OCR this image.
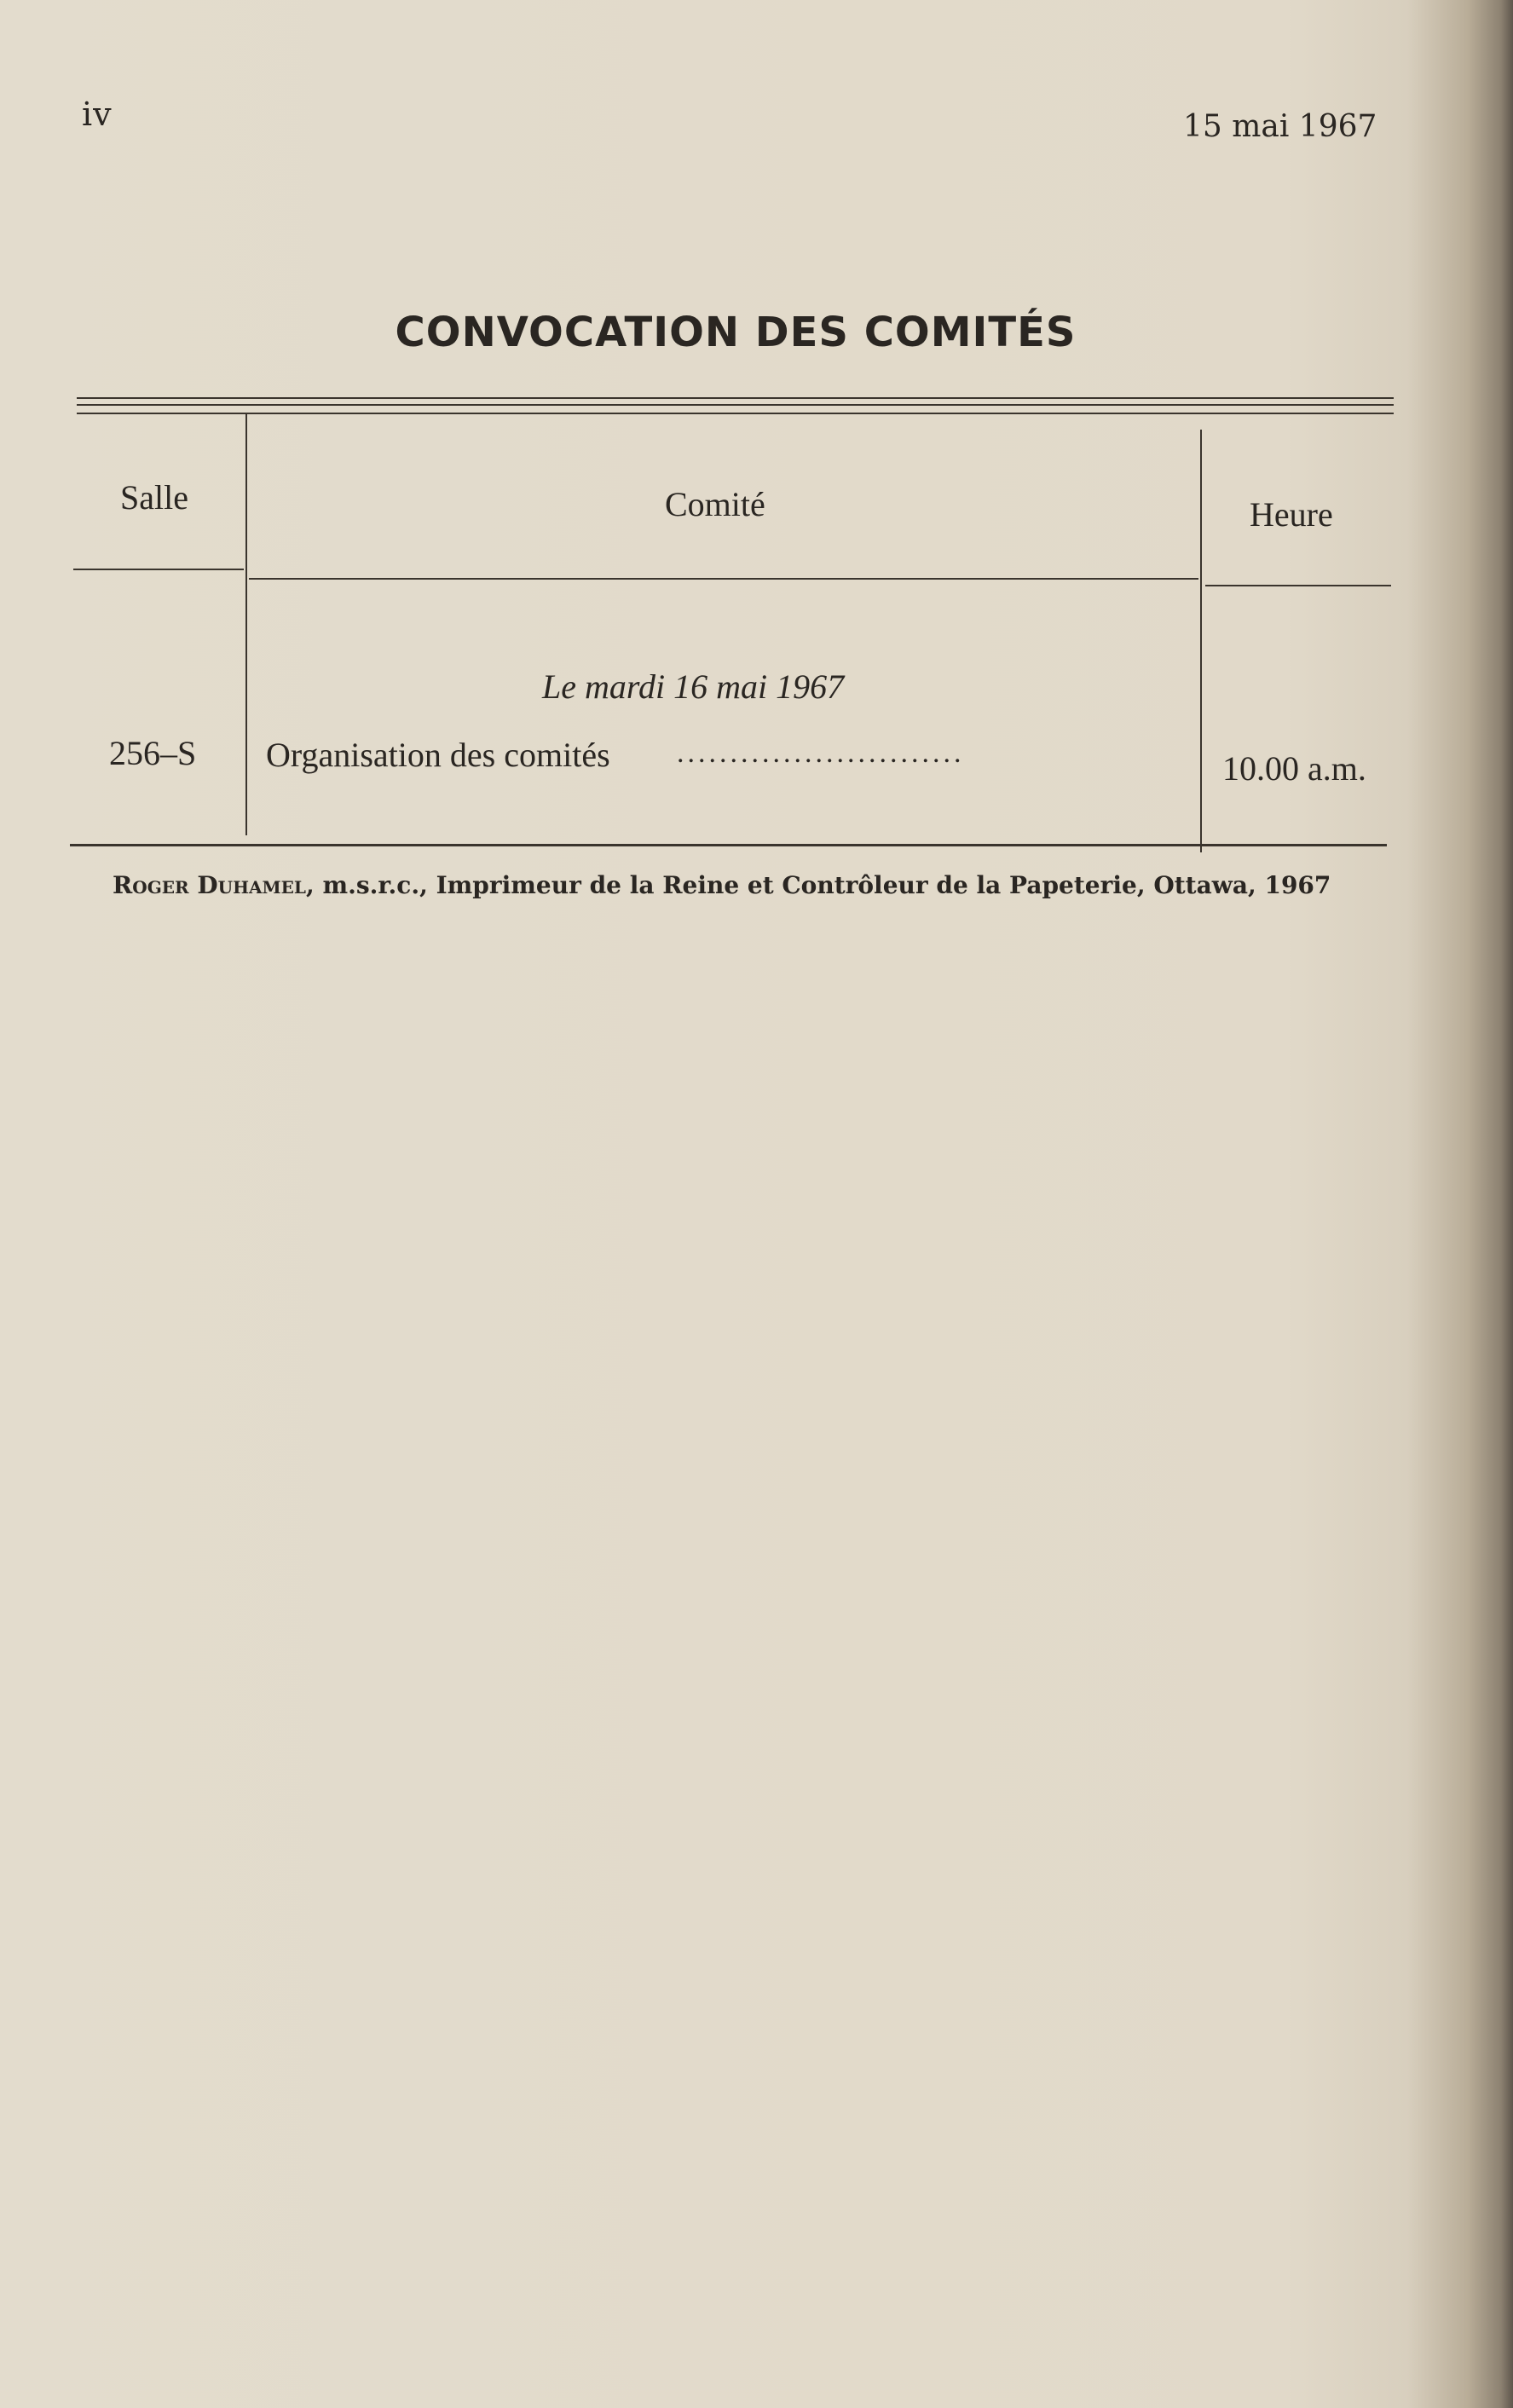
iv	15 mai 1967
CONVOCATION DES COMITÉS
Salle	Comité	Heure
Le mardi 16 mai 1967
256–S Organisation des comités ...........................	10.00 a.m.
Roger Duhamel, m.s.r.c., Imprimeur de la Reine et Contrôleur de la Papeterie, Ottawa, 1967
